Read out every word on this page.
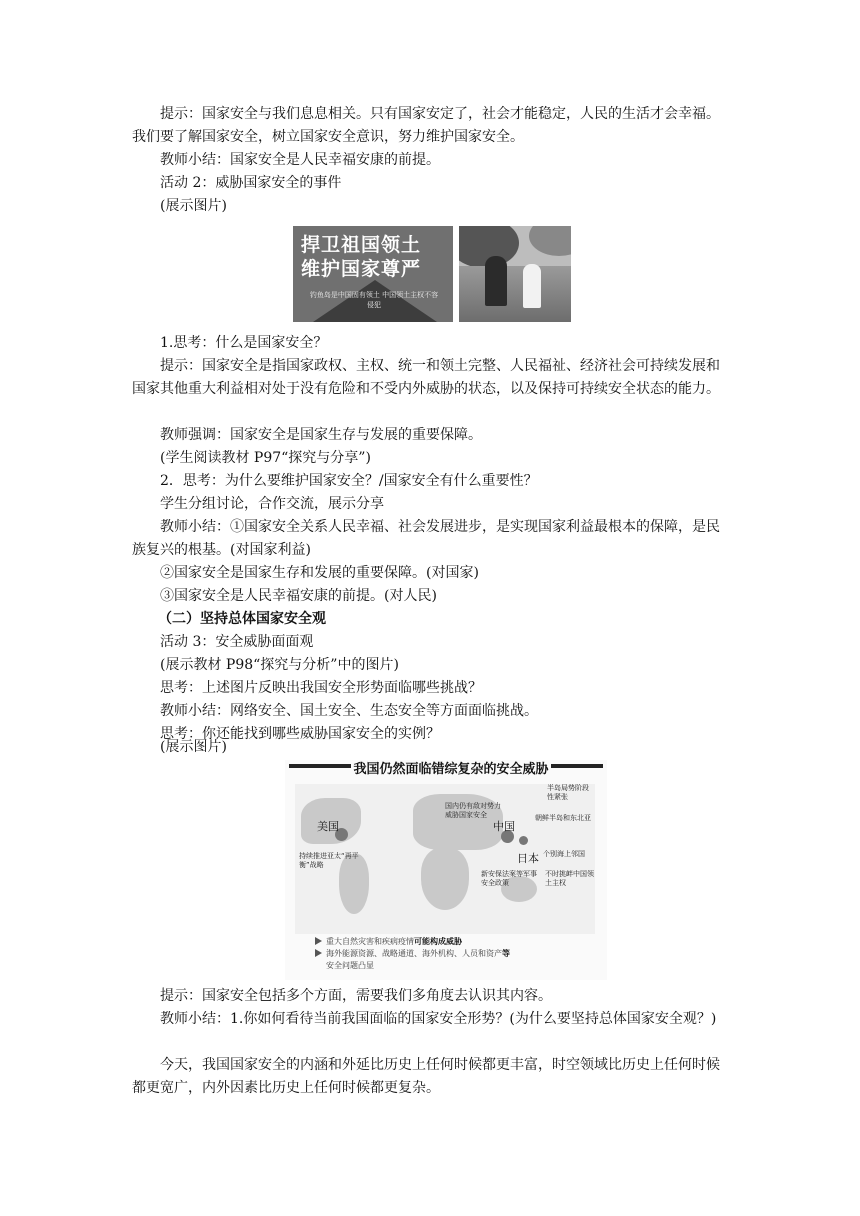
提示：国家安全与我们息息相关。只有国家安定了，社会才能稳定，人民的生活才会幸福。我们要了解国家安全，树立国家安全意识，努力维护国家安全。

教师小结：国家安全是人民幸福安康的前提。

活动 2：威胁国家安全的事件

(展示图片)

捍卫祖国领土
维护国家尊严
钓鱼岛是中国固有领土 中国领土主权不容侵犯

1.思考：什么是国家安全？

提示：国家安全是指国家政权、主权、统一和领土完整、人民福祉、经济社会可持续发展和国家其他重大利益相对处于没有危险和不受内外威胁的状态，以及保持可持续安全状态的能力。

教师强调：国家安全是国家生存与发展的重要保障。

(学生阅读教材 P97“探究与分享”)

2．思考：为什么要维护国家安全？/国家安全有什么重要性？

学生分组讨论，合作交流，展示分享

教师小结：①国家安全关系人民幸福、社会发展进步，是实现国家利益最根本的保障，是民族复兴的根基。(对国家利益)

②国家安全是国家生存和发展的重要保障。(对国家)

③国家安全是人民幸福安康的前提。(对人民)

（二）坚持总体国家安全观

活动 3：安全威胁面面观

(展示教材 P98“探究与分析”中的图片)

思考：上述图片反映出我国安全形势面临哪些挑战？

教师小结：网络安全、国土安全、生态安全等方面面临挑战。

思考：你还能找到哪些威胁国家安全的实例？

(展示图片)

我国仍然面临错综复杂的安全威胁
美国	中国
日本
持续推进亚太“再平衡”战略
国内仍有敌对势力威胁国家安全
半岛局势阶段性紧张
朝鲜半岛和东北亚
个别海上邻国
新安保法案等军事安全政策
不时挑衅中国领土主权
重大自然灾害和疾病疫情可能构成威胁
海外能源资源、战略通道、海外机构、人员和资产等
安全问题凸显

提示：国家安全包括多个方面，需要我们多角度去认识其内容。

教师小结：1.你如何看待当前我国面临的国家安全形势？(为什么要坚持总体国家安全观？)

今天，我国国家安全的内涵和外延比历史上任何时候都更丰富，时空领域比历史上任何时候都更宽广，内外因素比历史上任何时候都更复杂。
